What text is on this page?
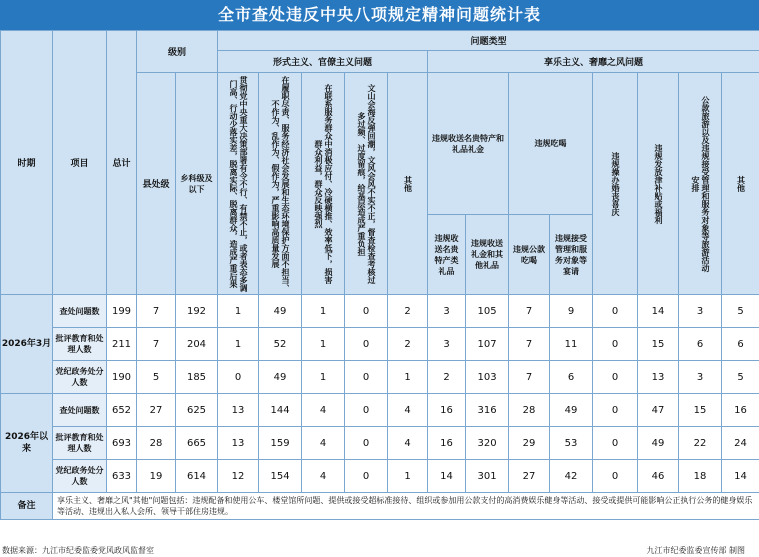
全市查处违反中央八项规定精神问题统计表
时期	项目	总计	级别		问题类型												
					形式主义、官僚主义问题					享乐主义、奢靡之风问题							
			县处级	乡科级及以下	贯彻党中央重大决策部署有令不行、有禁不止，或者表态多调门高、行动少落实差，脱离实际、脱离群众，造成严重后果	在履职尽责、服务经济社会发展和生态环境保护方面不担当、不作为、乱作为、假作为，严重影响高质量发展	在联系服务群众中消极应付、冷硬横推、效率低下，损害群众利益，群众反映强烈	文山会海反弹回潮，文风会风不实不正，督查检查考核过多过频、过度留痕，给基层造成严重负担	其他	违规收送名贵特产和礼品礼金		违规吃喝		违规操办婚丧喜庆	违规发放津补贴或福利	公款旅游以及违规接受管理和服务对象等旅游活动安排	其他

										违规收送名贵特产类礼品	违规收送礼金和其他礼品	违规公款吃喝	违规接受管理和服务对象等宴请				
2026年3月	查处问题数	199	7	192	1	49	1	0	2	3	105	7	9	0	14	3	5
	批评教育和处理人数	211	7	204	1	52	1	0	2	3	107	7	11	0	15	6	6
	党纪政务处分人数	190	5	185	0	49	1	0	1	2	103	7	6	0	13	3	5
2026年以来	查处问题数	652	27	625	13	144	4	0	4	16	316	28	49	0	47	15	16
	批评教育和处理人数	693	28	665	13	159	4	0	4	16	320	29	53	0	49	22	24
	党纪政务处分人数	633	19	614	12	154	4	0	1	14	301	27	42	0	46	18	14
备注	享乐主义、奢靡之风"其他"问题包括：违规配备和使用公车、楼堂馆所问题、提供或接受超标准接待、组织或参加用公款支付的高消费娱乐健身等活动、接受或提供可能影响公正执行公务的健身娱乐等活动、违规出入私人会所、领导干部住房违规。																
数据来源：九江市纪委监委党风政风监督室	九江市纪委监委宣传部 制图
